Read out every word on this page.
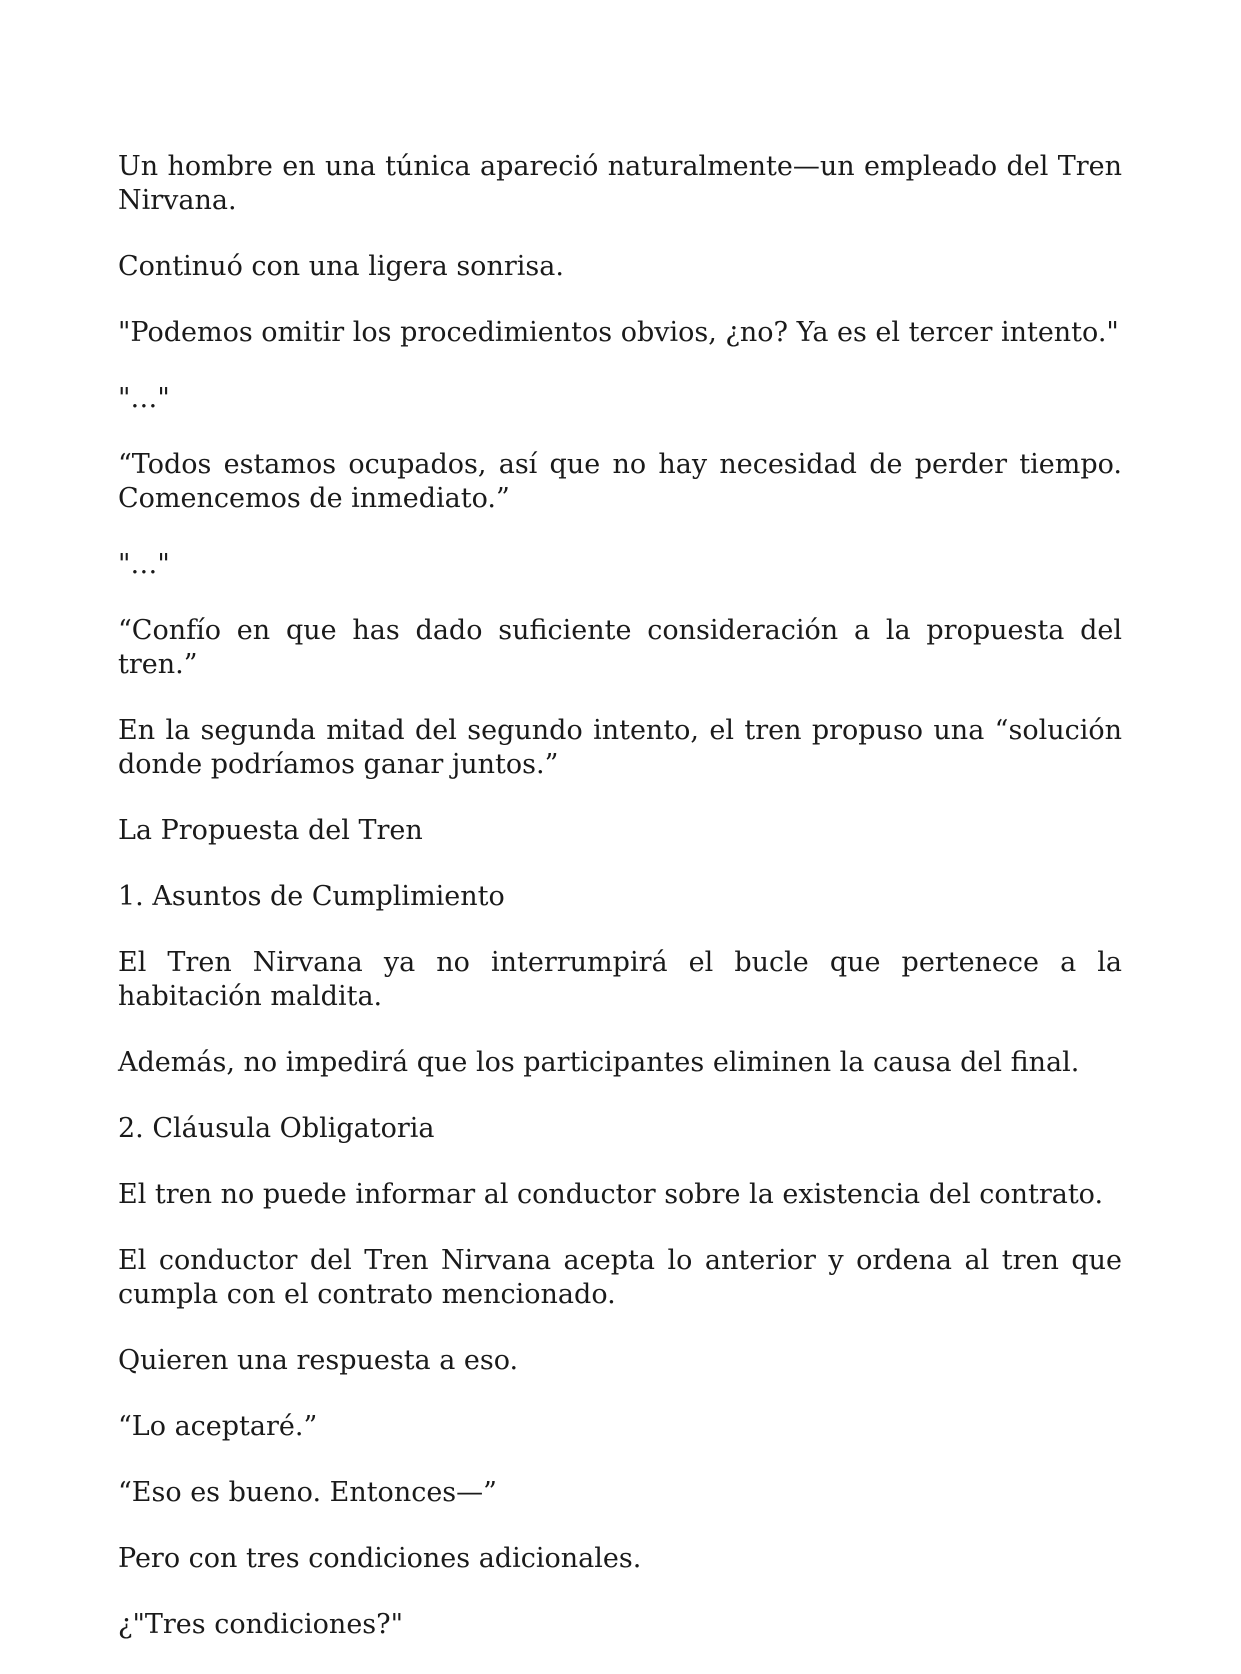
Un hombre en una túnica apareció naturalmente—un empleado del Tren Nirvana.

Continuó con una ligera sonrisa.

"Podemos omitir los procedimientos obvios, ¿no? Ya es el tercer intento."

"…"

“Todos estamos ocupados, así que no hay necesidad de perder tiempo. Comencemos de inmediato.”

"…"

“Confío en que has dado suficiente consideración a la propuesta del tren.”

En la segunda mitad del segundo intento, el tren propuso una “solución donde podríamos ganar juntos.”

La Propuesta del Tren

1. Asuntos de Cumplimiento

El Tren Nirvana ya no interrumpirá el bucle que pertenece a la habitación maldita.

Además, no impedirá que los participantes eliminen la causa del final.

2. Cláusula Obligatoria

El tren no puede informar al conductor sobre la existencia del contrato.

El conductor del Tren Nirvana acepta lo anterior y ordena al tren que cumpla con el contrato mencionado.

Quieren una respuesta a eso.

“Lo aceptaré.”

“Eso es bueno. Entonces—”

Pero con tres condiciones adicionales.

¿"Tres condiciones?"
